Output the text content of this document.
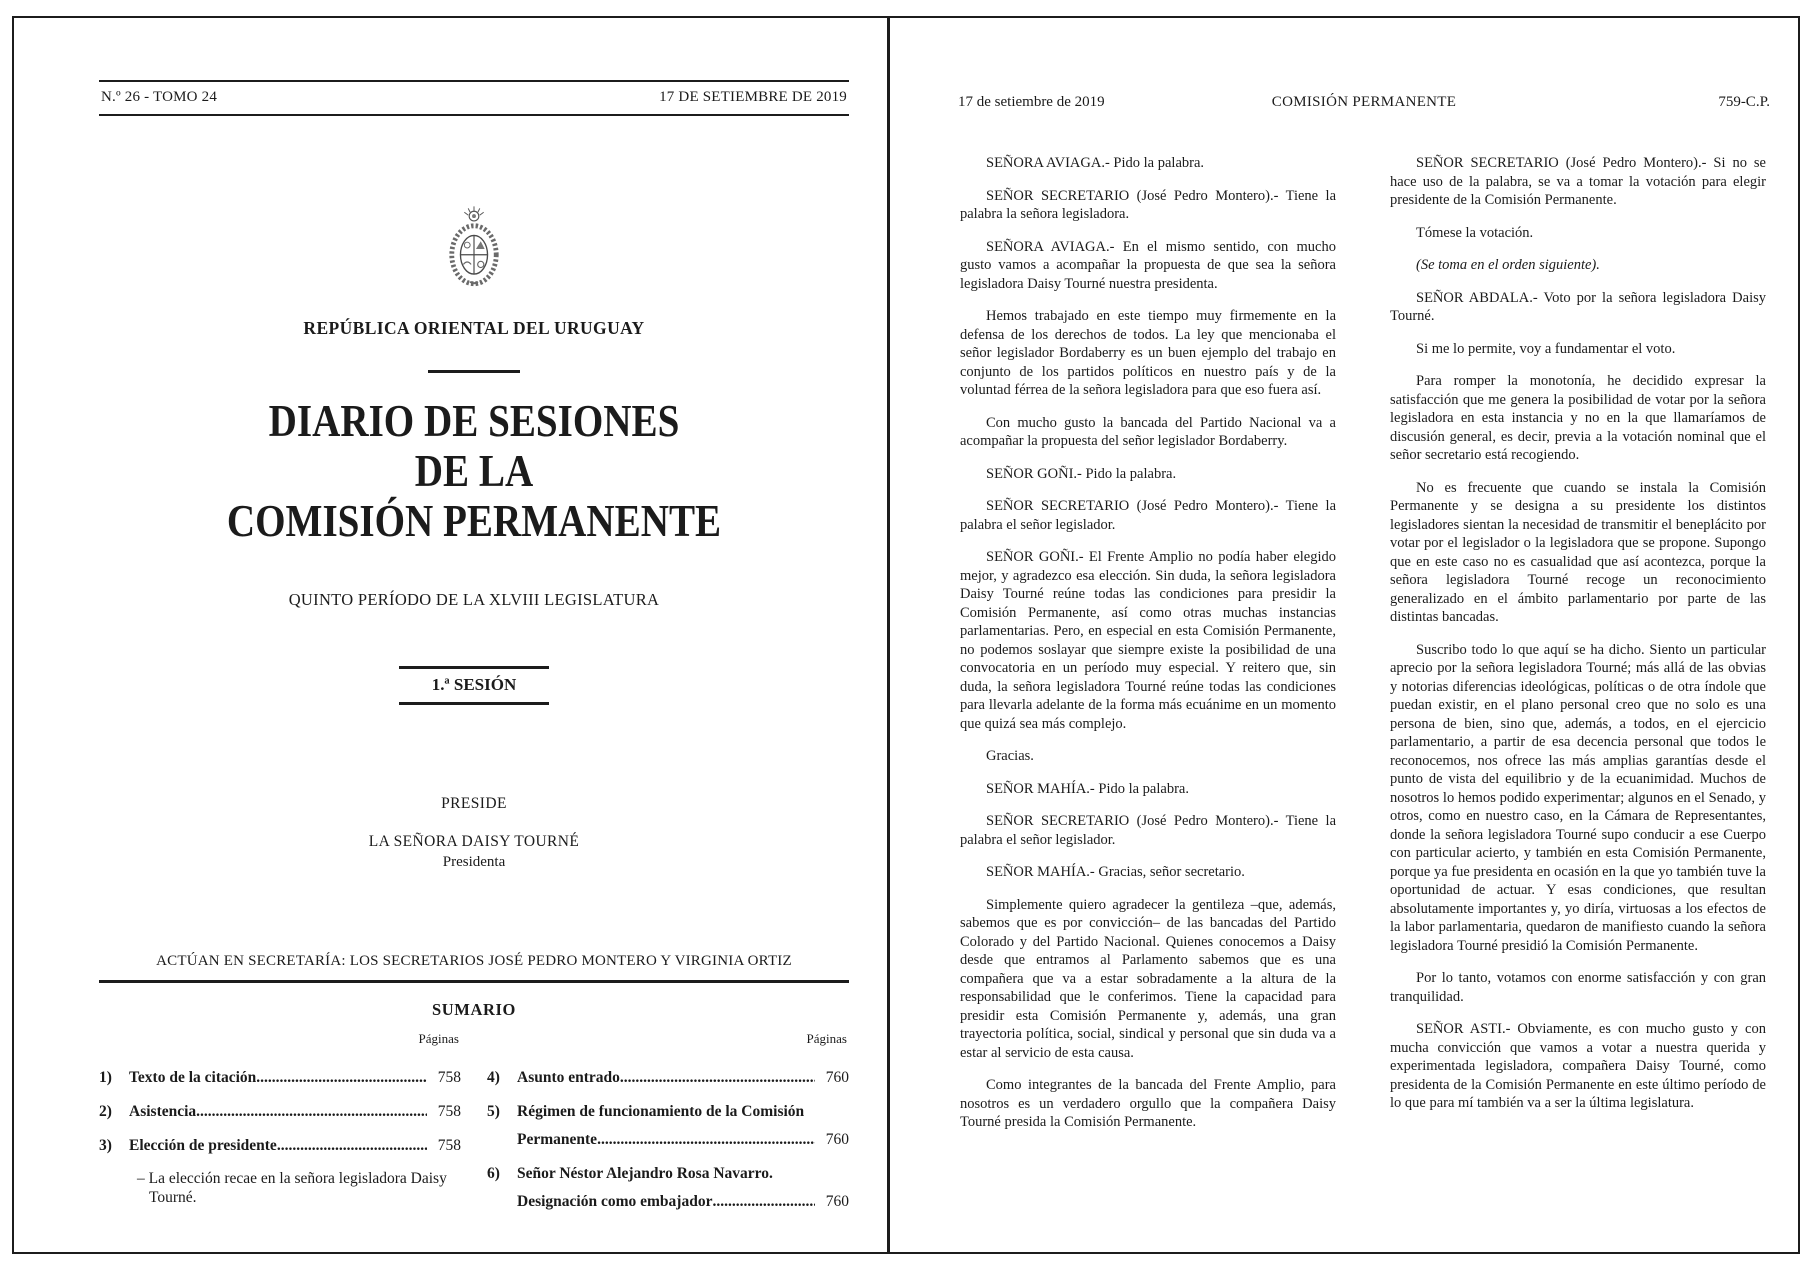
N.º 26 - TOMO 24	17 DE SETIEMBRE DE 2019
REPÚBLICA ORIENTAL DEL URUGUAY
DIARIO DE SESIONES
DE LA
COMISIÓN PERMANENTE
QUINTO PERÍODO DE LA XLVIII LEGISLATURA
1.ª SESIÓN
PRESIDE
LA SEÑORA DAISY TOURNÉ
Presidenta
ACTÚAN EN SECRETARÍA: LOS SECRETARIOS JOSÉ PEDRO MONTERO Y VIRGINIA ORTIZ
SUMARIO
Páginas	Páginas
1)	Texto de la citación .....	758
2)	Asistencia .....	758
3)	Elección de presidente .....	758
– La elección recae en la señora legisladora Daisy Tourné.
4)	Asunto entrado .....	760
5)	Régimen de funcionamiento de la Comisión
Permanente .....	760
6)	Señor Néstor Alejandro Rosa Navarro.
Designación como embajador .....	760
17 de setiembre de 2019	COMISIÓN PERMANENTE	759-C.P.

SEÑORA AVIAGA.- Pido la palabra.

SEÑOR SECRETARIO (José Pedro Montero).- Tiene la palabra la señora legisladora.

SEÑORA AVIAGA.- En el mismo sentido, con mucho gusto vamos a acompañar la propuesta de que sea la señora legisladora Daisy Tourné nuestra presidenta.

Hemos trabajado en este tiempo muy firmemente en la defensa de los derechos de todos. La ley que mencionaba el señor legislador Bordaberry es un buen ejemplo del trabajo en conjunto de los partidos políticos en nuestro país y de la voluntad férrea de la señora legisladora para que eso fuera así.

Con mucho gusto la bancada del Partido Nacional va a acompañar la propuesta del señor legislador Bordaberry.

SEÑOR GOÑI.- Pido la palabra.

SEÑOR SECRETARIO (José Pedro Montero).- Tiene la palabra el señor legislador.

SEÑOR GOÑI.- El Frente Amplio no podía haber elegido mejor, y agradezco esa elección. Sin duda, la señora legisladora Daisy Tourné reúne todas las condiciones para presidir la Comisión Permanente, así como otras muchas instancias parlamentarias. Pero, en especial en esta Comisión Permanente, no podemos soslayar que siempre existe la posibilidad de una convocatoria en un período muy especial. Y reitero que, sin duda, la señora legisladora Tourné reúne todas las condiciones para llevarla adelante de la forma más ecuánime en un momento que quizá sea más complejo.

Gracias.

SEÑOR MAHÍA.- Pido la palabra.

SEÑOR SECRETARIO (José Pedro Montero).- Tiene la palabra el señor legislador.

SEÑOR MAHÍA.- Gracias, señor secretario.

Simplemente quiero agradecer la gentileza –que, además, sabemos que es por convicción– de las bancadas del Partido Colorado y del Partido Nacional. Quienes conocemos a Daisy desde que entramos al Parlamento sabemos que es una compañera que va a estar sobradamente a la altura de la responsabilidad que le conferimos. Tiene la capacidad para presidir esta Comisión Permanente y, además, una gran trayectoria política, social, sindical y personal que sin duda va a estar al servicio de esta causa.

Como integrantes de la bancada del Frente Amplio, para nosotros es un verdadero orgullo que la compañera Daisy Tourné presida la Comisión Permanente.

SEÑOR SECRETARIO (José Pedro Montero).- Si no se hace uso de la palabra, se va a tomar la votación para elegir presidente de la Comisión Permanente.

Tómese la votación.

(Se toma en el orden siguiente).

SEÑOR ABDALA.- Voto por la señora legisladora Daisy Tourné.

Si me lo permite, voy a fundamentar el voto.

Para romper la monotonía, he decidido expresar la satisfacción que me genera la posibilidad de votar por la señora legisladora en esta instancia y no en la que llamaríamos de discusión general, es decir, previa a la votación nominal que el señor secretario está recogiendo.

No es frecuente que cuando se instala la Comisión Permanente y se designa a su presidente los distintos legisladores sientan la necesidad de transmitir el beneplácito por votar por el legislador o la legisladora que se propone. Supongo que en este caso no es casualidad que así acontezca, porque la señora legisladora Tourné recoge un reconocimiento generalizado en el ámbito parlamentario por parte de las distintas bancadas.

Suscribo todo lo que aquí se ha dicho. Siento un particular aprecio por la señora legisladora Tourné; más allá de las obvias y notorias diferencias ideológicas, políticas o de otra índole que puedan existir, en el plano personal creo que no solo es una persona de bien, sino que, además, a todos, en el ejercicio parlamentario, a partir de esa decencia personal que todos le reconocemos, nos ofrece las más amplias garantías desde el punto de vista del equilibrio y de la ecuanimidad. Muchos de nosotros lo hemos podido experimentar; algunos en el Senado, y otros, como en nuestro caso, en la Cámara de Representantes, donde la señora legisladora Tourné supo conducir a ese Cuerpo con particular acierto, y también en esta Comisión Permanente, porque ya fue presidenta en ocasión en la que yo también tuve la oportunidad de actuar. Y esas condiciones, que resultan absolutamente importantes y, yo diría, virtuosas a los efectos de la labor parlamentaria, quedaron de manifiesto cuando la señora legisladora Tourné presidió la Comisión Permanente.

Por lo tanto, votamos con enorme satisfacción y con gran tranquilidad.

SEÑOR ASTI.- Obviamente, es con mucho gusto y con mucha convicción que vamos a votar a nuestra querida y experimentada legisladora, compañera Daisy Tourné, como presidenta de la Comisión Permanente en este último período de lo que para mí también va a ser la última legislatura.
